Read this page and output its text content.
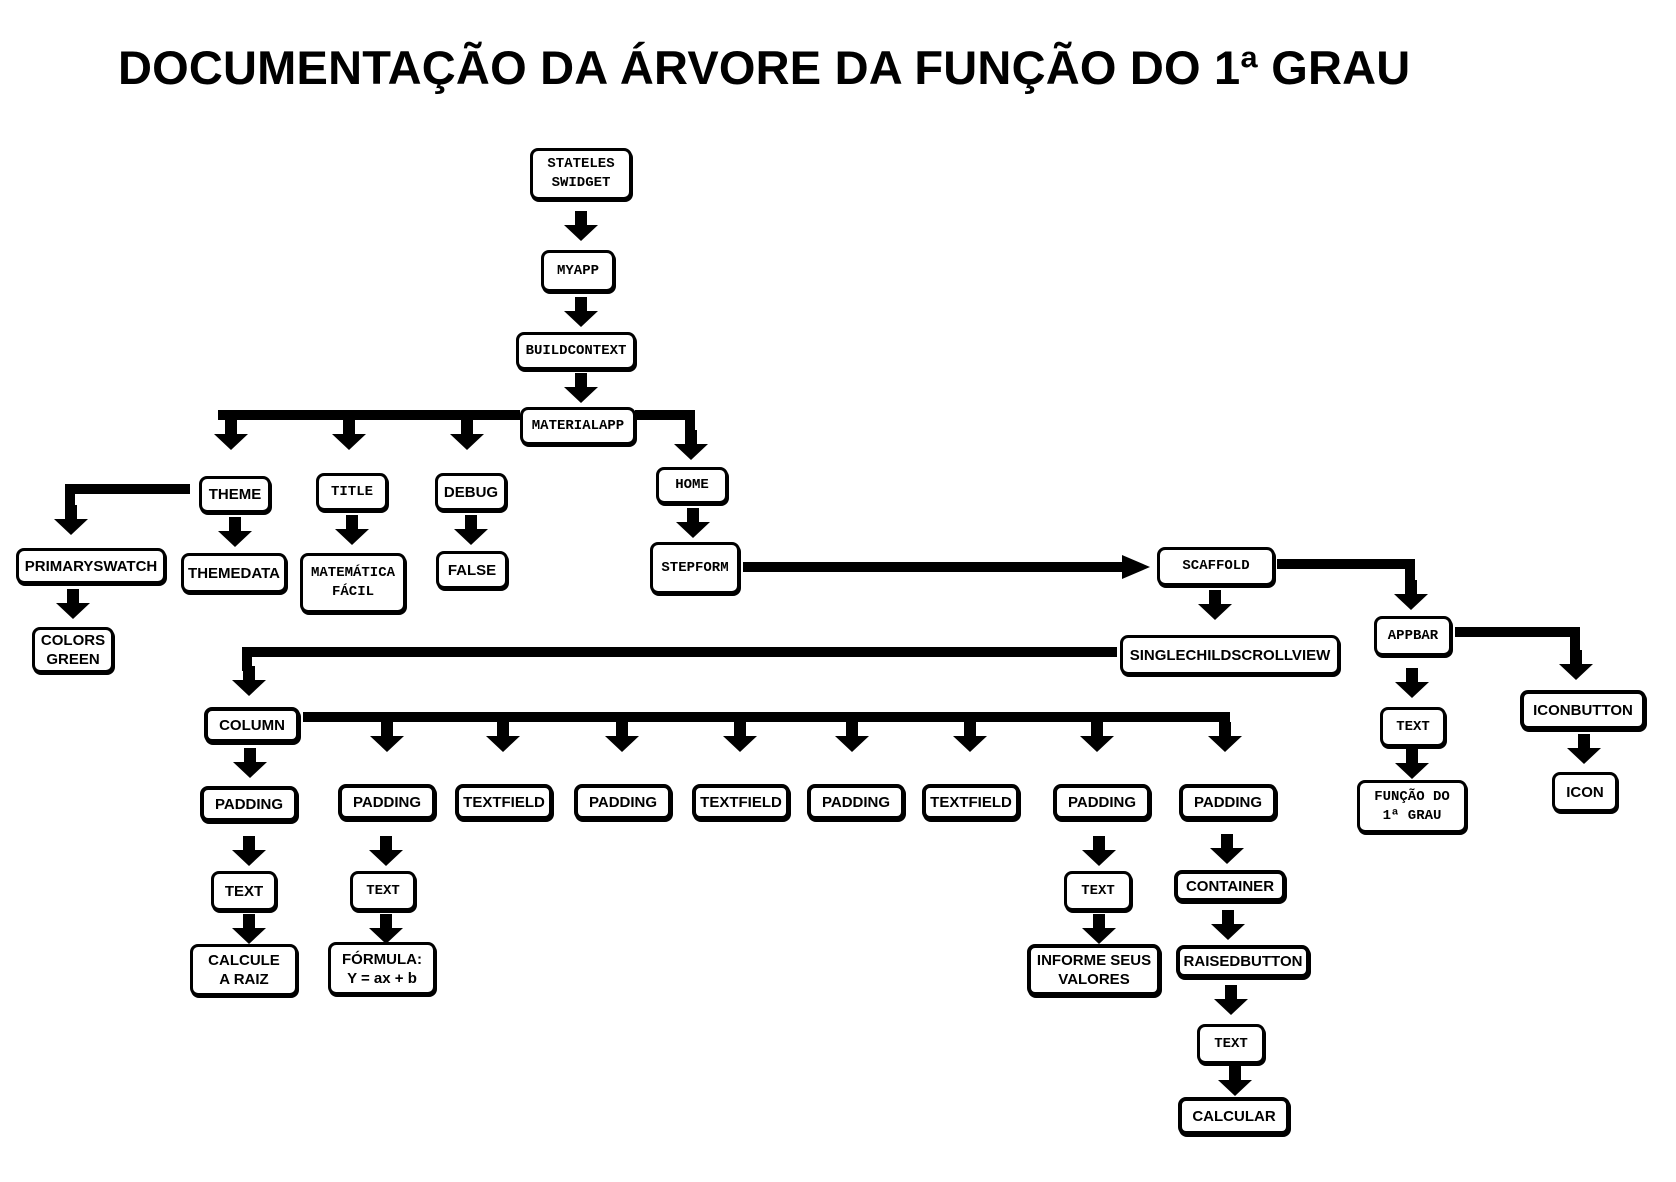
DOCUMENTAÇÃO DA ÁRVORE DA FUNÇÃO DO 1ª GRAU
STATELES
SWIDGET
MYAPP
BUILDCONTEXT
MATERIALAPP
THEME	TITLE	DEBUG	HOME
PRIMARYSWATCH
COLORS
GREEN
THEMEDATA	MATEMÁTICA
FÁCIL
FALSE	STEPFORM	SCAFFOLD
SINGLECHILDSCROLLVIEW
APPBAR
TEXT
FUNÇÃO DO
1ª GRAU
ICONBUTTON
ICON
COLUMN
PADDING
TEXT
CALCULE
A RAIZ
PADDING
TEXT
FÓRMULA:
Y = ax + b
TEXTFIELD	PADDING	TEXTFIELD	PADDING	TEXTFIELD	PADDING
TEXT
INFORME SEUS
VALORES
PADDING
CONTAINER
RAISEDBUTTON
TEXT
CALCULAR
